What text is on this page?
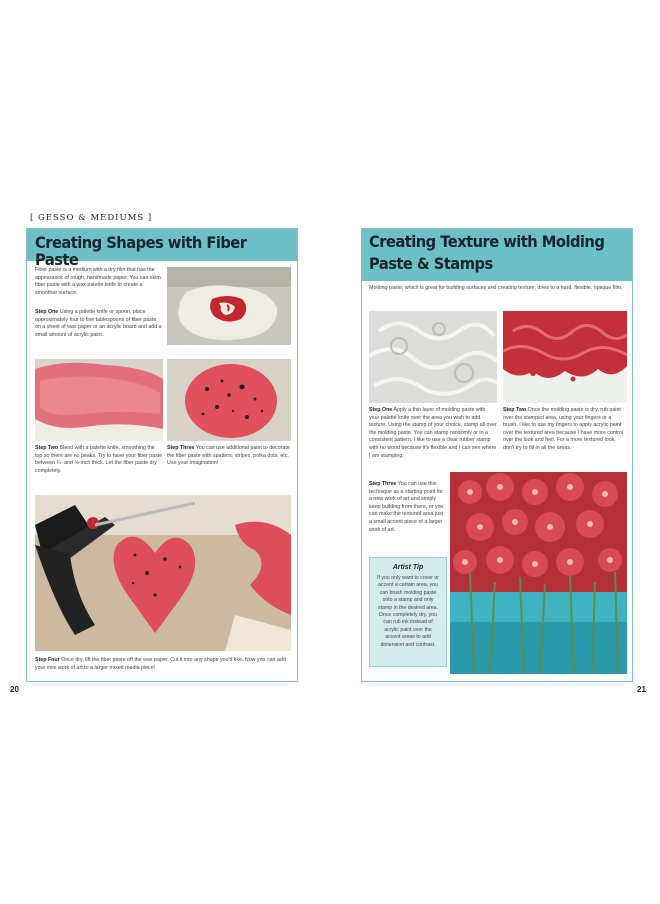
[ GESSO & MEDIUMS ]
Creating Shapes with Fiber Paste
Fiber paste is a medium with a dry film that has the appearance of rough, handmade paper. You can skim fiber paste with a wax palette knife to create a smoother surface.
Step One Using a palette knife or spoon, place approximately four to five tablespoons of fiber paste on a sheet of wax paper or an acrylic board and add a small amount of acrylic paint.
Step Two Blend with a palette knife, smoothing the top so there are no peaks. Try to have your fiber paste between ¼- and ⅛-inch thick. Let the fiber paste dry completely.
Step Three You can use additional paint to decorate the fiber paste with spatters, stripes, polka dots, etc. Use your imagination!
Step Four Once dry, lift the fiber paste off the wax paper. Cut it into any shape you'd like. Now you can add your mini work of art to a larger mixed media piece!
20
Creating Texture with Molding
Paste & Stamps
Molding paste, which is great for building surfaces and creating texture, dries to a hard, flexible, opaque film.
Step One Apply a thin layer of molding paste with your palette knife over the area you wish to add texture. Using the stamp of your choice, stamp all over the molding paste. You can stamp randomly or in a consistent pattern. I like to use a clear rubber stamp with no wood because it's flexible and I can see where I am stamping.
Step Two Once the molding paste is dry, rub paint over the stamped area, using your fingers or a brush. I like to use my fingers to apply acrylic paint over the textured area because I have more control over the look and feel. For a more textured look, don't try to fill in all the areas.
Step Three You can use this technique as a starting point for a new work of art and simply keep building from there, or you can make the textured area just a small accent piece of a larger work of art.
Artist Tip
If you only want to cover or accent a certain area, you can brush molding paste onto a stamp and only stamp in the desired area. Once completely dry, you can rub ink instead of acrylic paint over the accent areas to add dimension and contrast.
21
